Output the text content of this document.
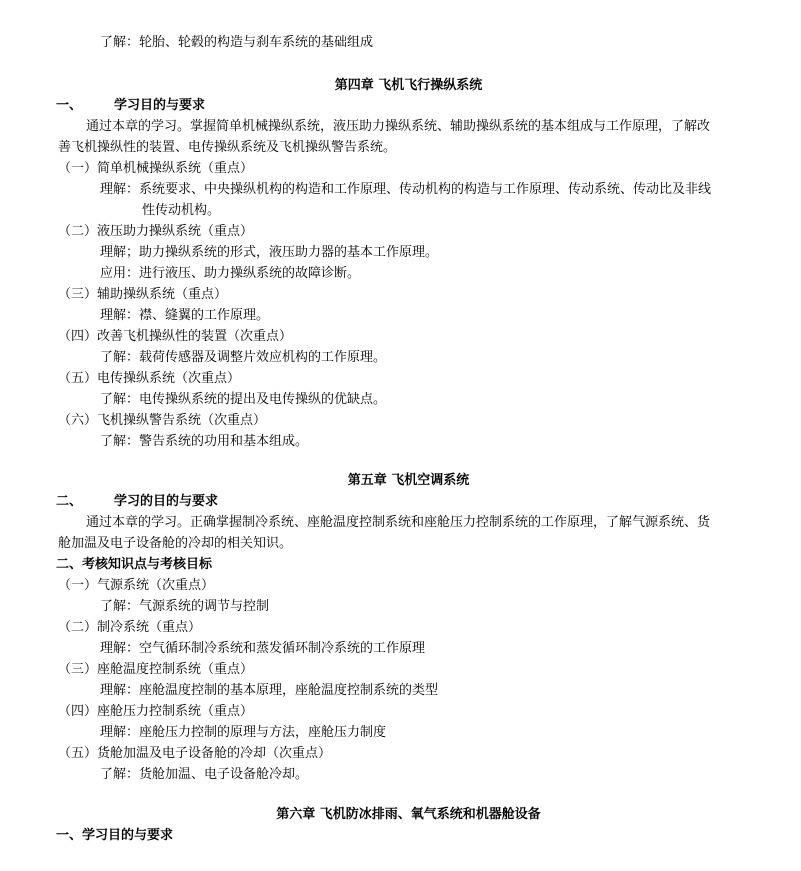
了解：轮胎、轮毂的构造与刹车系统的基础组成
第四章 飞机飞行操纵系统
一、 学习目的与要求
通过本章的学习。掌握简单机械操纵系统，液压助力操纵系统、辅助操纵系统的基本组成与工作原理，了解改
善飞机操纵性的装置、电传操纵系统及飞机操纵警告系统。
（一）简单机械操纵系统（重点）
理解：系统要求、中央操纵机构的构造和工作原理、传动机构的构造与工作原理、传动系统、传动比及非线
性传动机构。
（二）液压助力操纵系统（重点）
理解；助力操纵系统的形式，液压助力器的基本工作原理。
应用：进行液压、助力操纵系统的故障诊断。
（三）辅助操纵系统（重点）
理解：襟、缝翼的工作原理。
（四）改善飞机操纵性的装置（次重点）
了解：载荷传感器及调整片效应机构的工作原理。
（五）电传操纵系统（次重点）
了解：电传操纵系统的提出及电传操纵的优缺点。
（六）飞机操纵警告系统（次重点）
了解：警告系统的功用和基本组成。
第五章 飞机空调系统
二、 学习的目的与要求
通过本章的学习。正确掌握制冷系统、座舱温度控制系统和座舱压力控制系统的工作原理，了解气源系统、货
舱加温及电子设备舱的冷却的相关知识。
二、考核知识点与考核目标
（一）气源系统（次重点）
了解：气源系统的调节与控制
（二）制冷系统（重点）
理解：空气循环制冷系统和蒸发循环制冷系统的工作原理
（三）座舱温度控制系统（重点）
理解：座舱温度控制的基本原理，座舱温度控制系统的类型
（四）座舱压力控制系统（重点）
理解：座舱压力控制的原理与方法，座舱压力制度
（五）货舱加温及电子设备舱的冷却（次重点）
了解：货舱加温、电子设备舱冷却。
第六章 飞机防冰排雨、氧气系统和机器舱设备
一、学习目的与要求
